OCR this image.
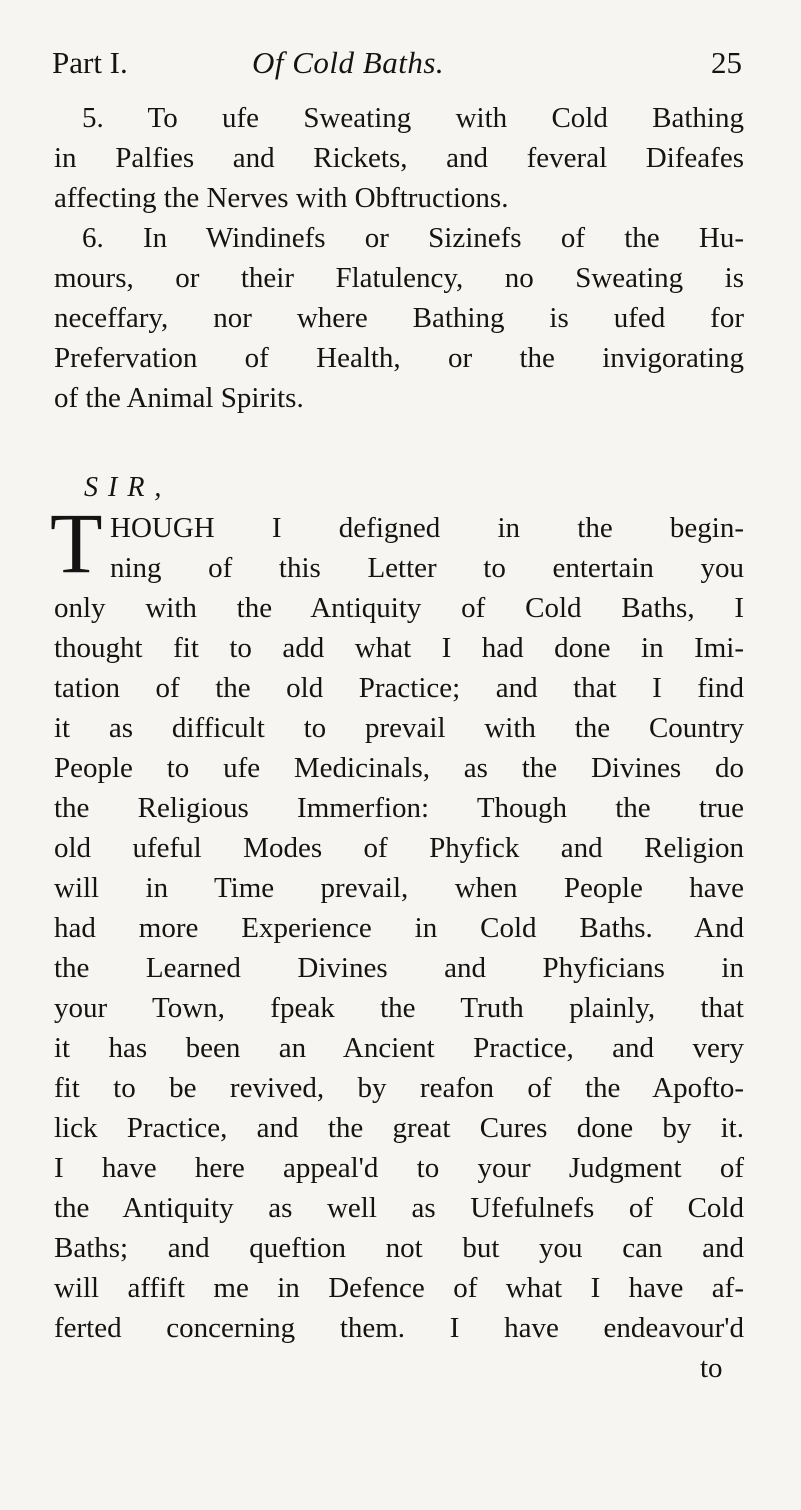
Part I.	Of Cold Baths.	25
5. To ufe Sweating with Cold Bathing
in Palfies and Rickets, and feveral Difeafes
affecting the Nerves with Obftructions.
6. In Windinefs or Sizinefs of the Hu-
mours, or their Flatulency, no Sweating is
neceffary, nor where Bathing is ufed for
Prefervation of Health, or the invigorating
of the Animal Spirits.
SIR,
T HOUGH I defigned in the begin-
ning of this Letter to entertain you
only with the Antiquity of Cold Baths, I
thought fit to add what I had done in Imi-
tation of the old Practice; and that I find
it as difficult to prevail with the Country
People to ufe Medicinals, as the Divines do
the Religious Immerfion: Though the true
old ufeful Modes of Phyfick and Religion
will in Time prevail, when People have
had more Experience in Cold Baths. And
the Learned Divines and Phyficians in
your Town, fpeak the Truth plainly, that
it has been an Ancient Practice, and very
fit to be revived, by reafon of the Apofto-
lick Practice, and the great Cures done by it.
I have here appeal'd to your Judgment of
the Antiquity as well as Ufefulnefs of Cold
Baths; and queftion not but you can and
will affift me in Defence of what I have af-
ferted concerning them. I have endeavour'd
to
